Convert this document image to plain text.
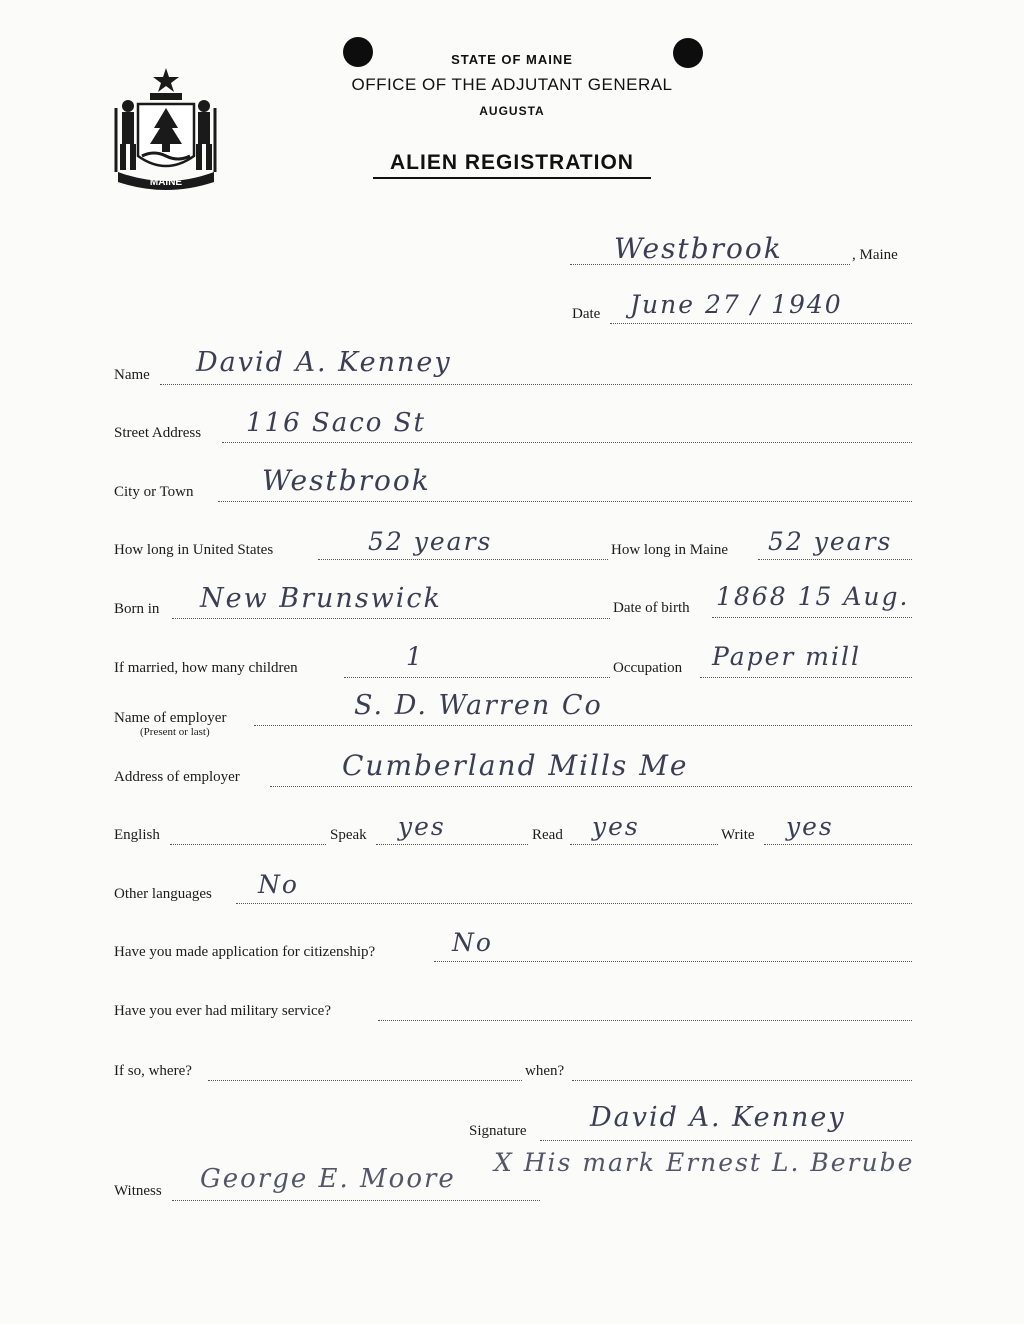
MAINE
STATE OF MAINE
OFFICE OF THE ADJUTANT GENERAL
AUGUSTA
ALIEN REGISTRATION
Westbrook	, Maine
Date June 27 / 1940
Name David A. Kenney
Street Address 116 Saco St
City or Town Westbrook
How long in United States	52 years	How long in Maine 52 years
Born in New Brunswick	Date of birth 1868 15 Aug.
If married, how many children	1	Occupation Paper mill
Name of employer
(Present or last)
S. D. Warren Co
Address of employer	Cumberland Mills Me
English	Speak yes	Read yes	Write yes
Other languages No
Have you made application for citizenship?	No
Have you ever had military service?
If so, where?	when?
Signature David A. Kenney
X His mark Ernest L. Berube
Witness George E. Moore
